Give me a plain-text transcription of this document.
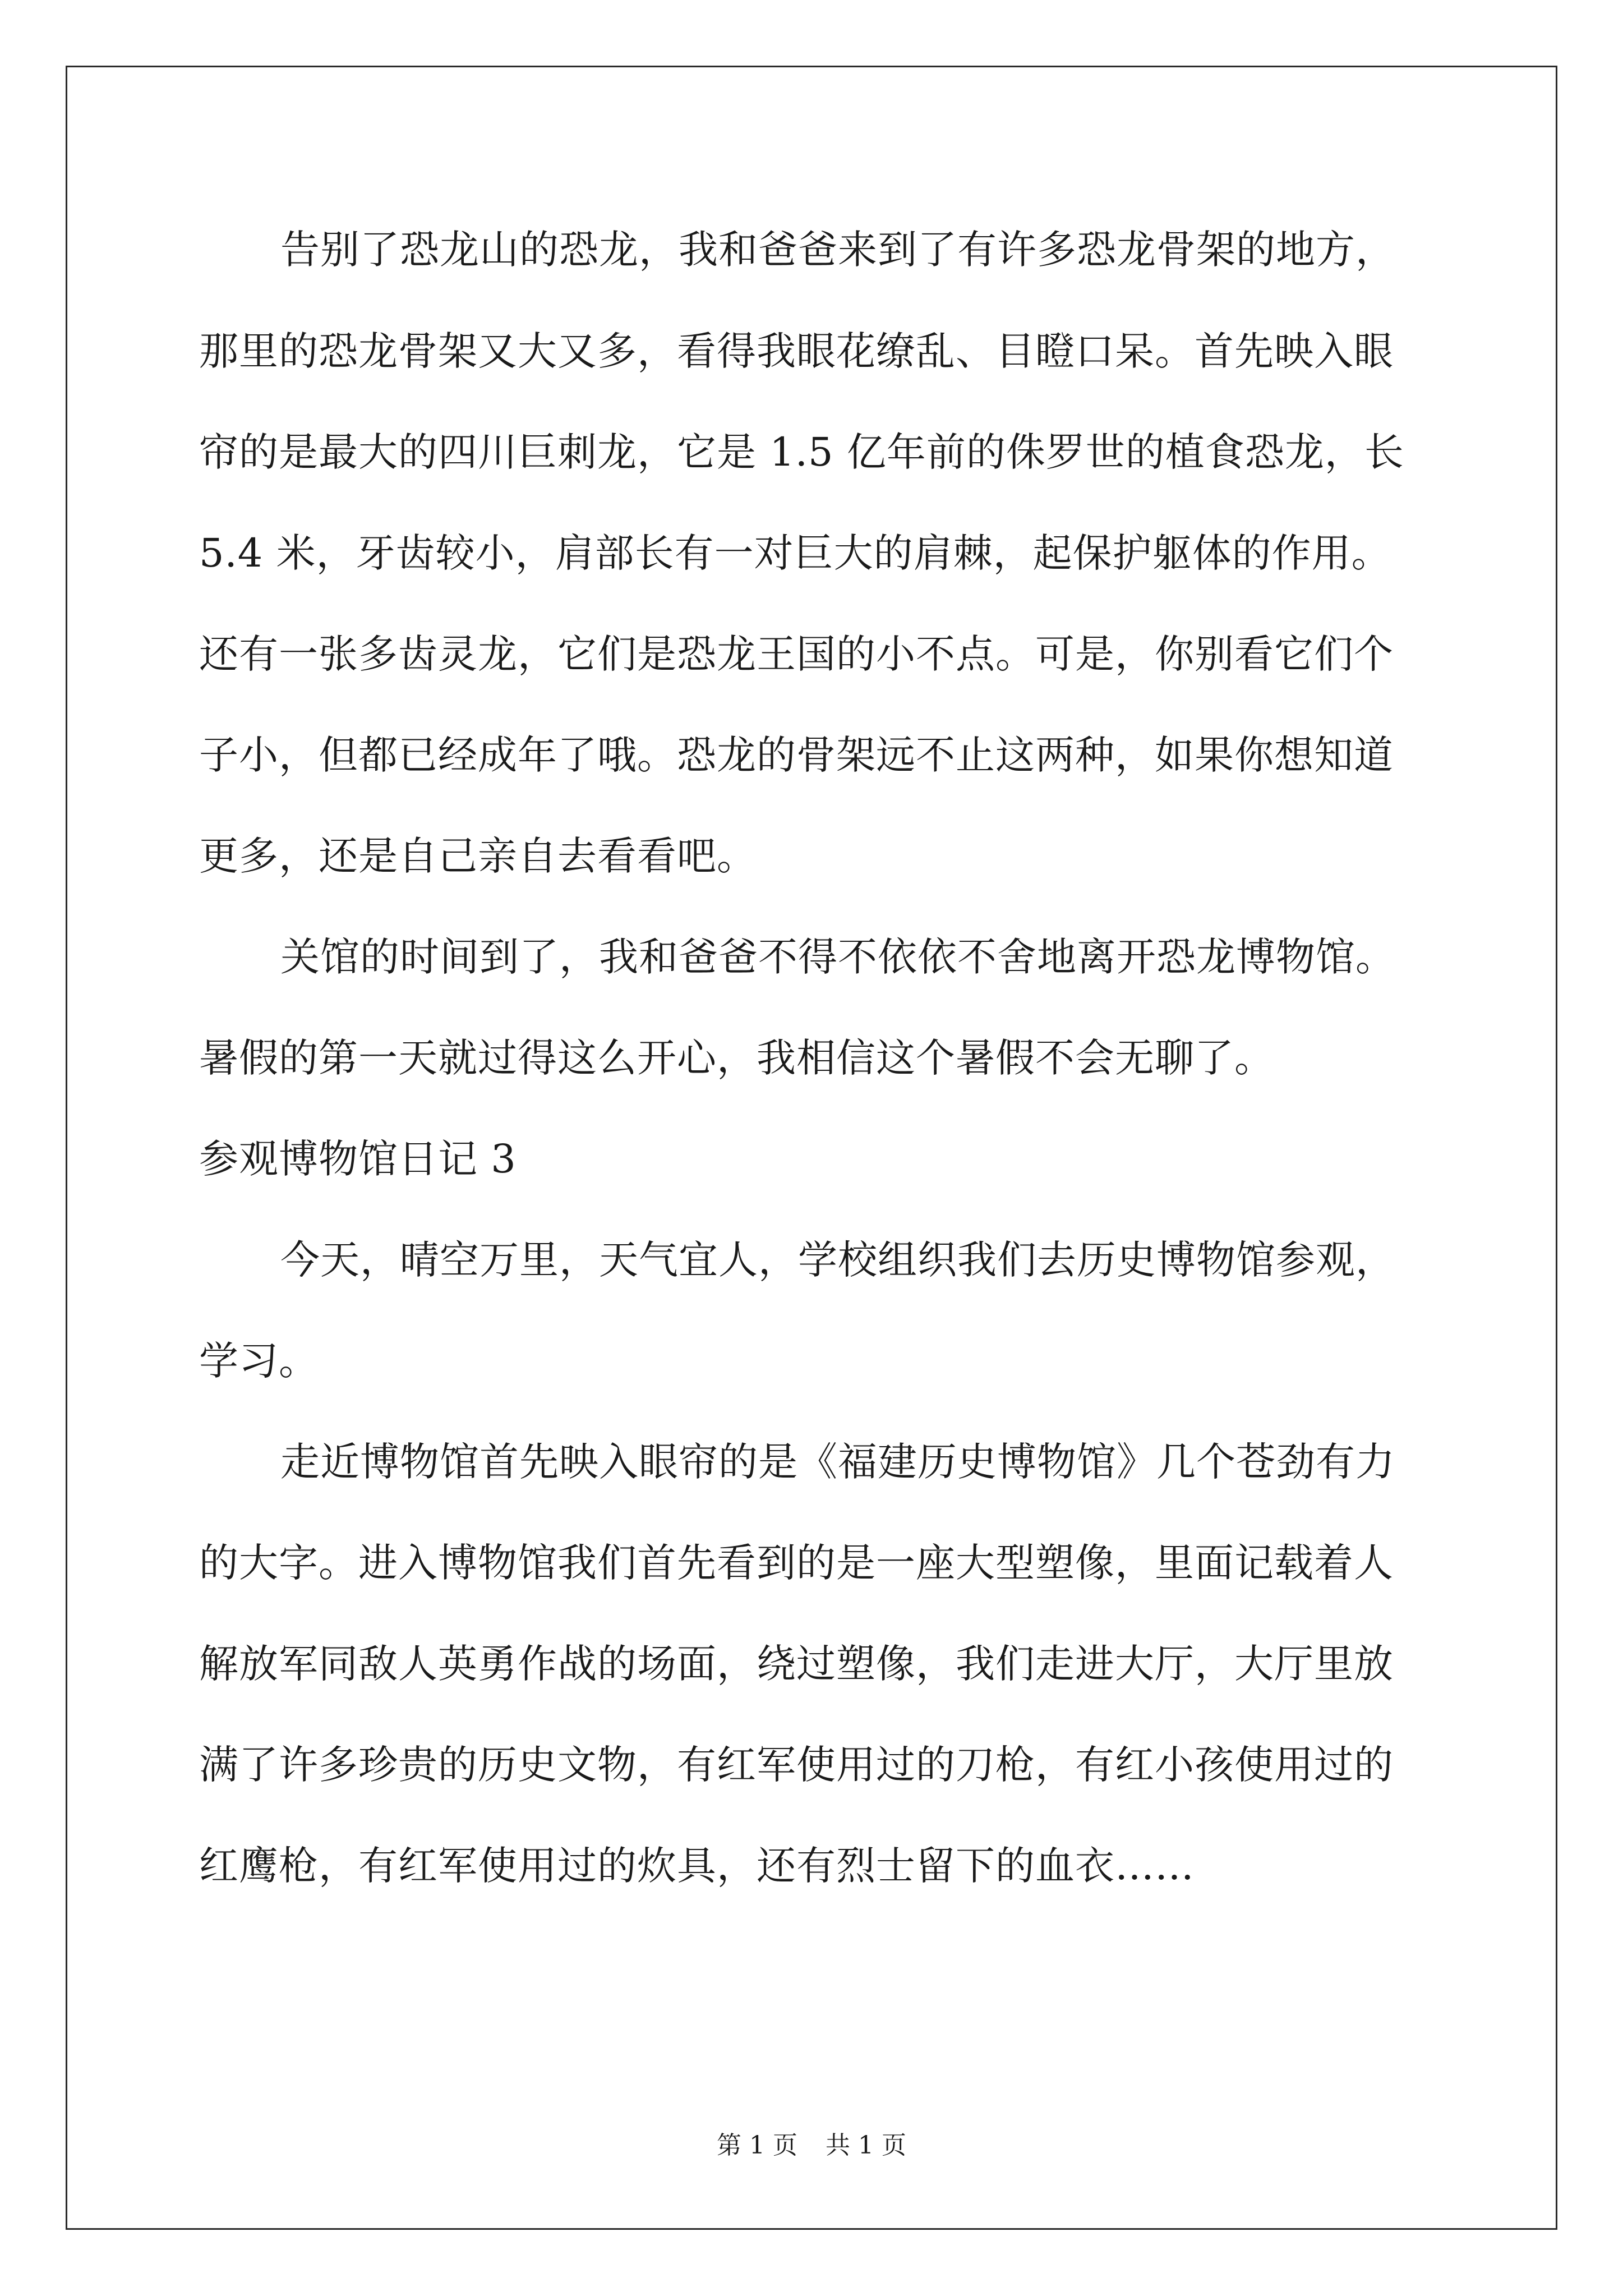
告别了恐龙山的恐龙，我和爸爸来到了有许多恐龙骨架的地方，
那里的恐龙骨架又大又多，看得我眼花缭乱、目瞪口呆。首先映入眼
帘的是最大的四川巨刺龙，它是 1.5 亿年前的侏罗世的植食恐龙，长
5.4 米，牙齿较小，肩部长有一对巨大的肩棘，起保护躯体的作用。
还有一张多齿灵龙，它们是恐龙王国的小不点。可是，你别看它们个
子小，但都已经成年了哦。恐龙的骨架远不止这两种，如果你想知道
更多，还是自己亲自去看看吧。
关馆的时间到了，我和爸爸不得不依依不舍地离开恐龙博物馆。
暑假的第一天就过得这么开心，我相信这个暑假不会无聊了。
参观博物馆日记 3
今天，晴空万里，天气宜人，学校组织我们去历史博物馆参观，
学习。
走近博物馆首先映入眼帘的是《福建历史博物馆》几个苍劲有力
的大字。进入博物馆我们首先看到的是一座大型塑像，里面记载着人
解放军同敌人英勇作战的场面，绕过塑像，我们走进大厅，大厅里放
满了许多珍贵的历史文物，有红军使用过的刀枪，有红小孩使用过的
红鹰枪，有红军使用过的炊具，还有烈士留下的血衣……
第 1 页 共 1 页
